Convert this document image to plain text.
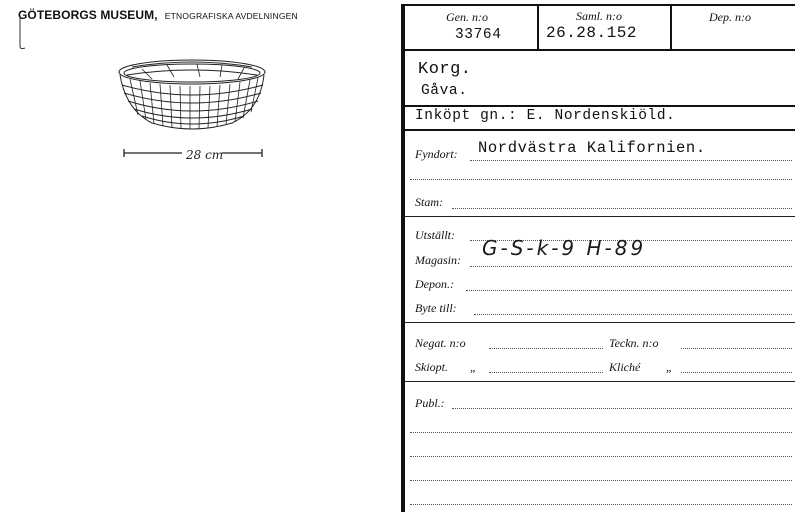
GÖTEBORGS MUSEUM, ETNOGRAFISKA AVDELNINGEN
28 cm
Gen. n:o
33764
Saml. n:o
26.28.152
Dep. n:o
Korg.
Gåva.
Inköpt gn.: E. Nordenskiöld.
Fyndort: Nordvästra Kalifornien.
Stam:
Utställt:
Magasin: G-S-k-9 H-89
Depon.:
Byte till:
Negat. n:o	Teckn. n:o
Skiopt. „	Kliché „
Publ.:
